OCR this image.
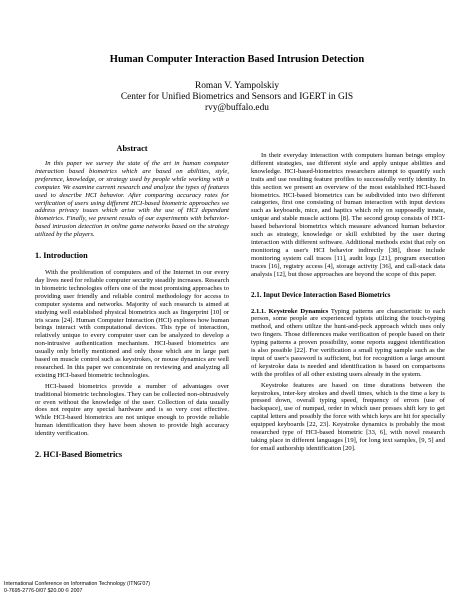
Human Computer Interaction Based Intrusion Detection
Roman V. Yampolskiy
Center for Unified Biometrics and Sensors and IGERT in GIS
rvy@buffalo.edu
Abstract

In this paper we survey the state of the art in human computer interaction based biometrics which are based on abilities, style, preference, knowledge, or strategy used by people while working with a computer. We examine current research and analyze the types of features used to describe HCI behavior. After comparing accuracy rates for verification of users using different HCI-based biometric approaches we address privacy issues which arise with the use of HCI dependant biometrics. Finally, we present results of our experiments with behavior-based intrusion detection in online game networks based on the strategy utilized by the players.

1. Introduction

With the proliferation of computers and of the Internet in our every day lives need for reliable computer security steadily increases. Research in biometric technologies offers one of the most promising approaches to providing user friendly and reliable control methodology for access to computer systems and networks. Majority of such research is aimed at studying well established physical biometrics such as fingerprint [10] or iris scans [24]. Human Computer Interaction (HCI) explores how human beings interact with computational devices. This type of interaction, relatively unique to every computer user can be analyzed to develop a non-intrusive authentication mechanism. HCI-based biometrics are usually only briefly mentioned and only those which are in large part based on muscle control such as keystrokes, or mouse dynamics are well researched. In this paper we concentrate on reviewing and analyzing all existing HCI-based biometric technologies.

HCI-based biometrics provide a number of advantages over traditional biometric technologies. They can be collected non-obtrusively or even without the knowledge of the user. Collection of data usually does not require any special hardware and is so very cost effective. While HCI-based biometrics are not unique enough to provide reliable human identification they have been shown to provide high accuracy identity verification.

2. HCI-Based Biometrics

In their everyday interaction with computers human beings employ different strategies, use different style and apply unique abilities and knowledge. HCI-based-biometrics researchers attempt to quantify such traits and use resulting feature profiles to successfully verify identity. In this section we present an overview of the most established HCI-based biometrics. HCI-based biometrics can be subdivided into two different categories, first one consisting of human interaction with input devices such as keyboards, mice, and haptics which rely on supposedly innate, unique and stable muscle actions [8]. The second group consists of HCI-based behavioral biometrics which measure advanced human behavior such as strategy, knowledge or skill exhibited by the user during interaction with different software. Additional methods exist that rely on monitoring a user's HCI behavior indirectly [38], those include monitoring system call traces [11], audit logs [21], program execution traces [16], registry access [4], storage activity [36], and call-stack data analysis [12], but those approaches are beyond the scope of this paper.

2.1. Input Device Interaction Based Biometrics

2.1.1. Keystroke Dynamics Typing patterns are characteristic to each person, some people are experienced typists utilizing the touch-typing method, and others utilize the hunt-and-peck approach which uses only two fingers. Those differences make verification of people based on their typing patterns a proven possibility, some reports suggest identification is also possible [22]. For verification a small typing sample such as the input of user's password is sufficient, but for recognition a large amount of keystroke data is needed and identification is based on comparisons with the profiles of all other existing users already in the system.

Keystroke features are based on time durations between the keystrokes, inter-key strokes and dwell times, which is the time a key is pressed down, overall typing speed, frequency of errors (use of backspace), use of numpad, order in which user presses shift key to get capital letters and possibly the force with which keys are hit for specially equipped keyboards [22, 23]. Keystroke dynamics is probably the most researched type of HCI-based biometric [33, 6], with novel research taking place in different languages [19], for long text samples, [9, 5] and for email authorship identification [20].

International Conference on Information Technology (ITNG'07)
0-7695-2776-0/07 $20.00 © 2007
